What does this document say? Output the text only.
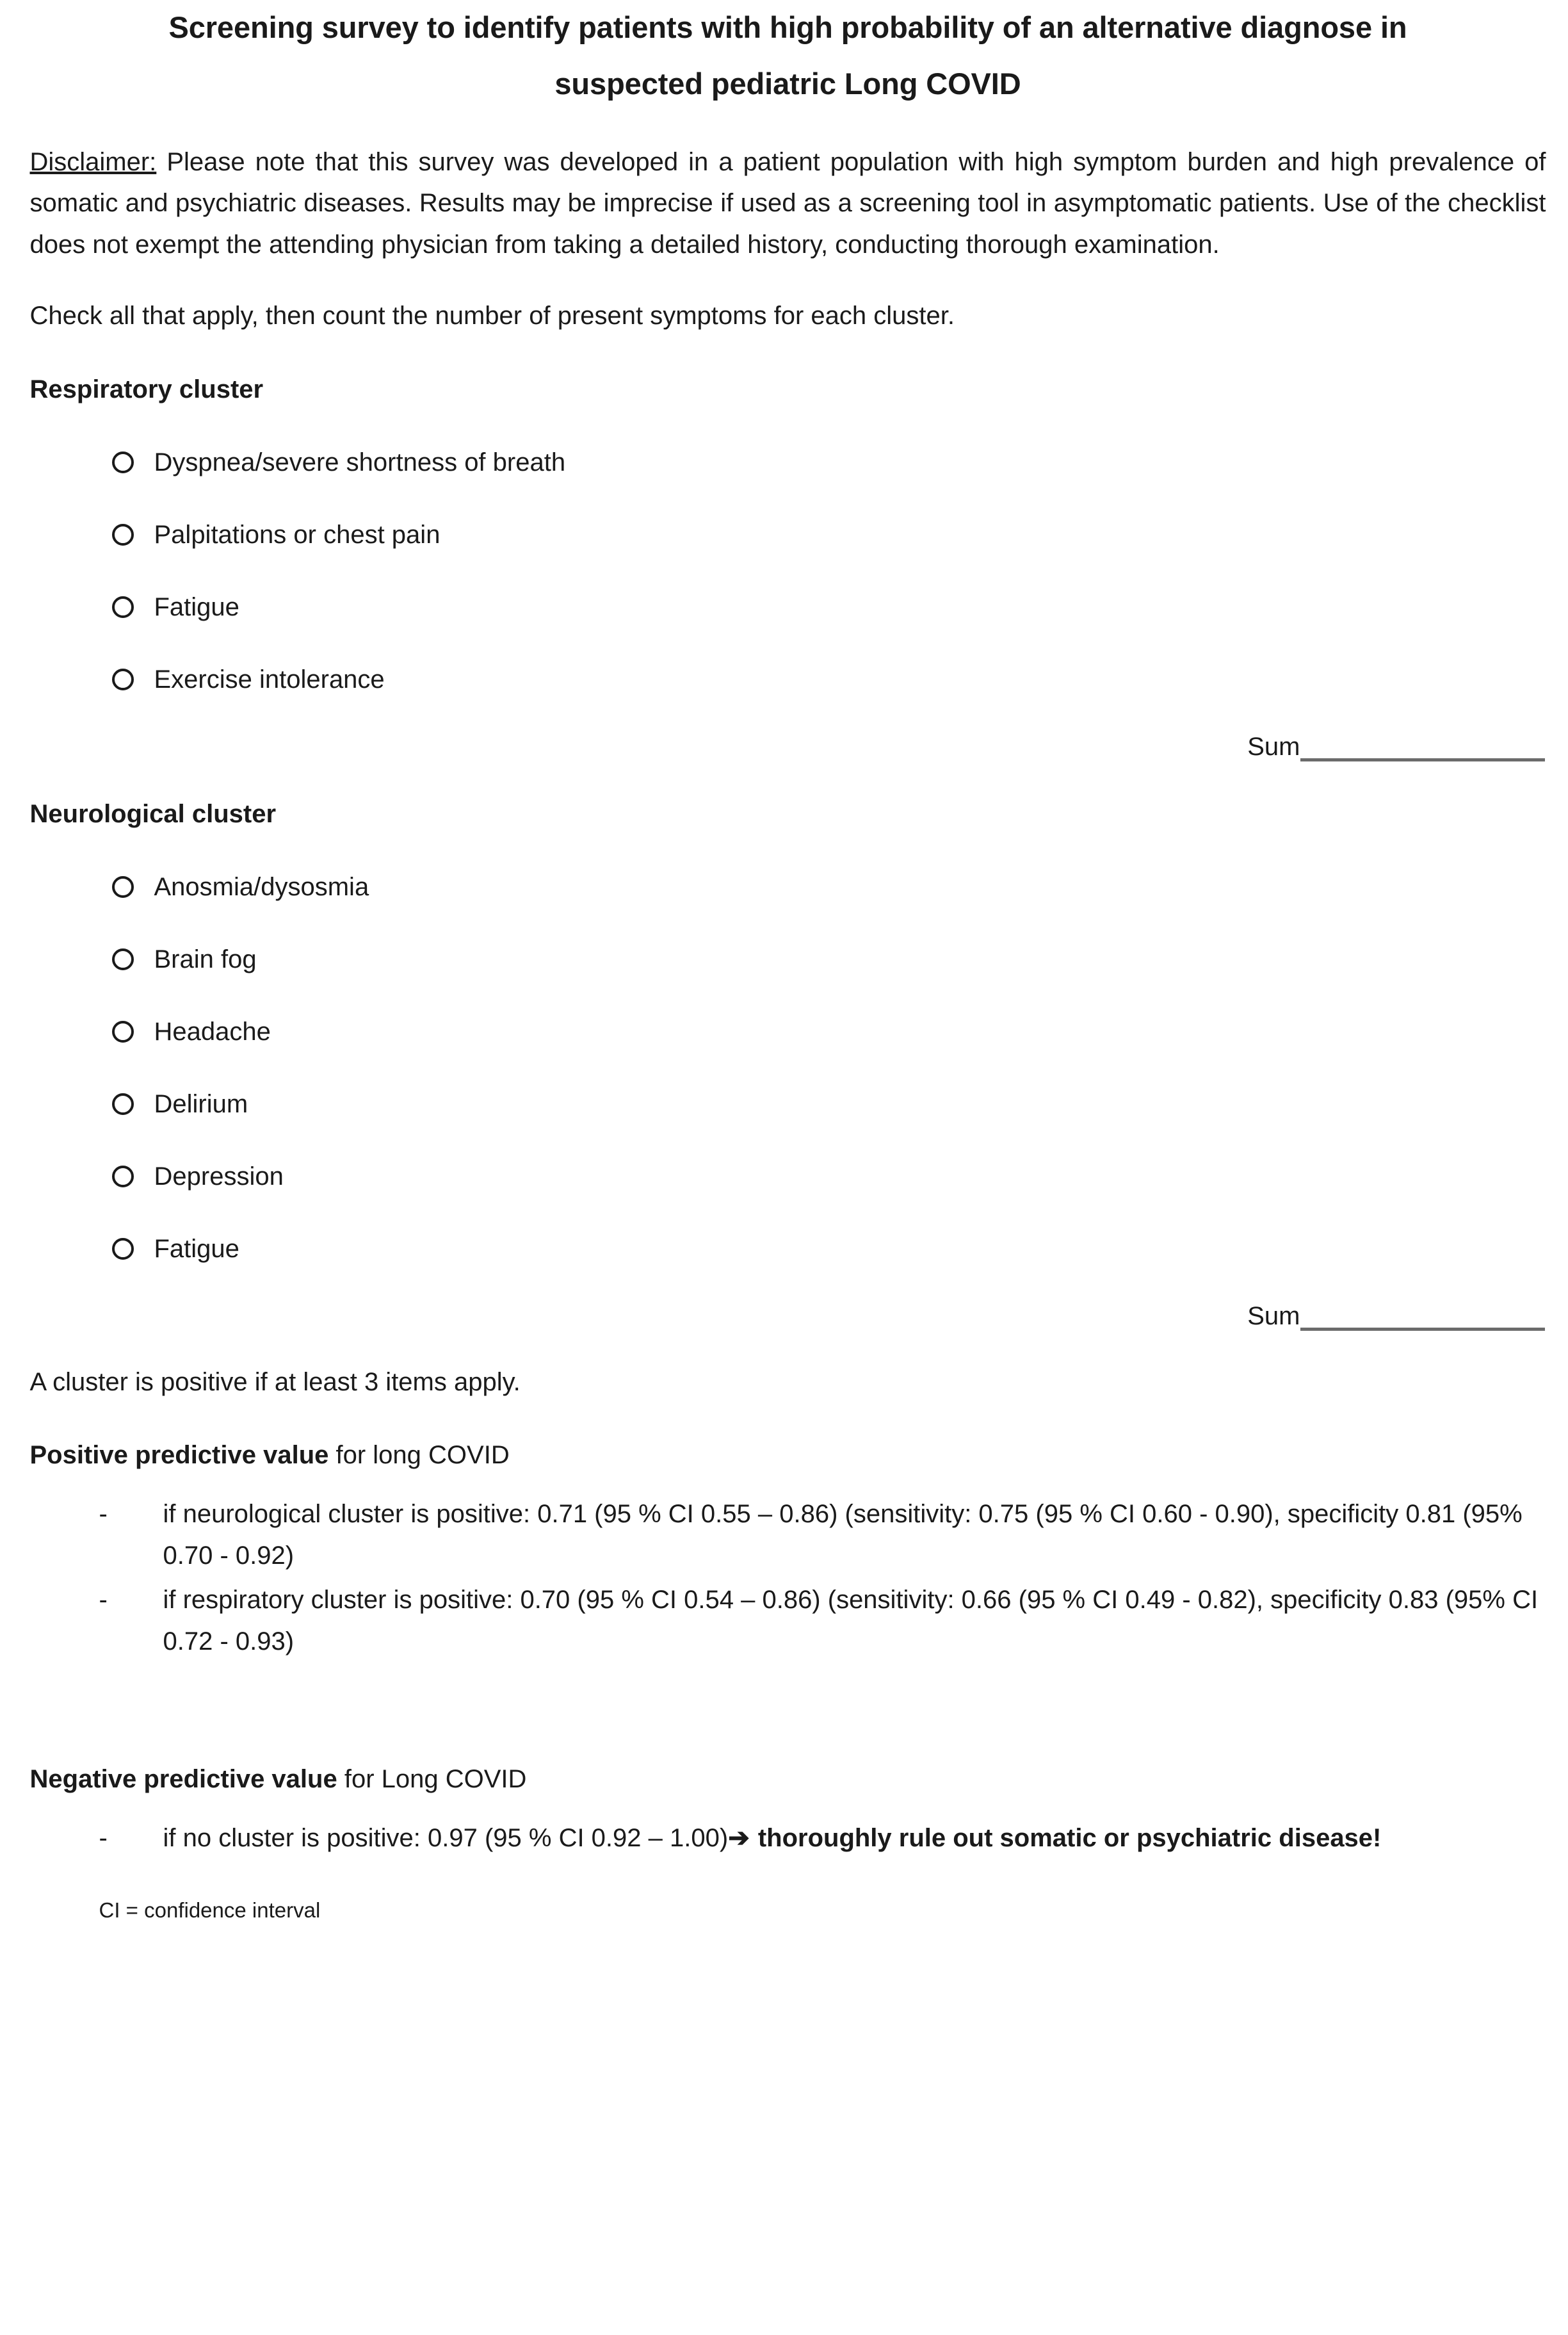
Screening survey to identify patients with high probability of an alternative diagnose in
suspected pediatric Long COVID

Disclaimer: Please note that this survey was developed in a patient population with high symptom burden and high prevalence of somatic and psychiatric diseases. Results may be imprecise if used as a screening tool in asymptomatic patients. Use of the checklist does not exempt the attending physician from taking a detailed history, conducting thorough examination.

Check all that apply, then count the number of present symptoms for each cluster.

Respiratory cluster
Dyspnea/severe shortness of breath
Palpitations or chest pain
Fatigue
Exercise intolerance
Sum
Neurological cluster
Anosmia/dysosmia
Brain fog
Headache
Delirium
Depression
Fatigue
Sum

A cluster is positive if at least 3 items apply.

Positive predictive value for long COVID
-	if neurological cluster is positive: 0.71 (95 % CI 0.55 – 0.86) (sensitivity: 0.75 (95 % CI 0.60 - 0.90), specificity 0.81 (95% 0.70 - 0.92)
-	if respiratory cluster is positive: 0.70 (95 % CI 0.54 – 0.86) (sensitivity: 0.66 (95 % CI 0.49 - 0.82), specificity 0.83 (95% CI 0.72 - 0.93)
Negative predictive value for Long COVID
-	if no cluster is positive: 0.97 (95 % CI 0.92 – 1.00)➔ thoroughly rule out somatic or psychiatric disease!

CI = confidence interval
